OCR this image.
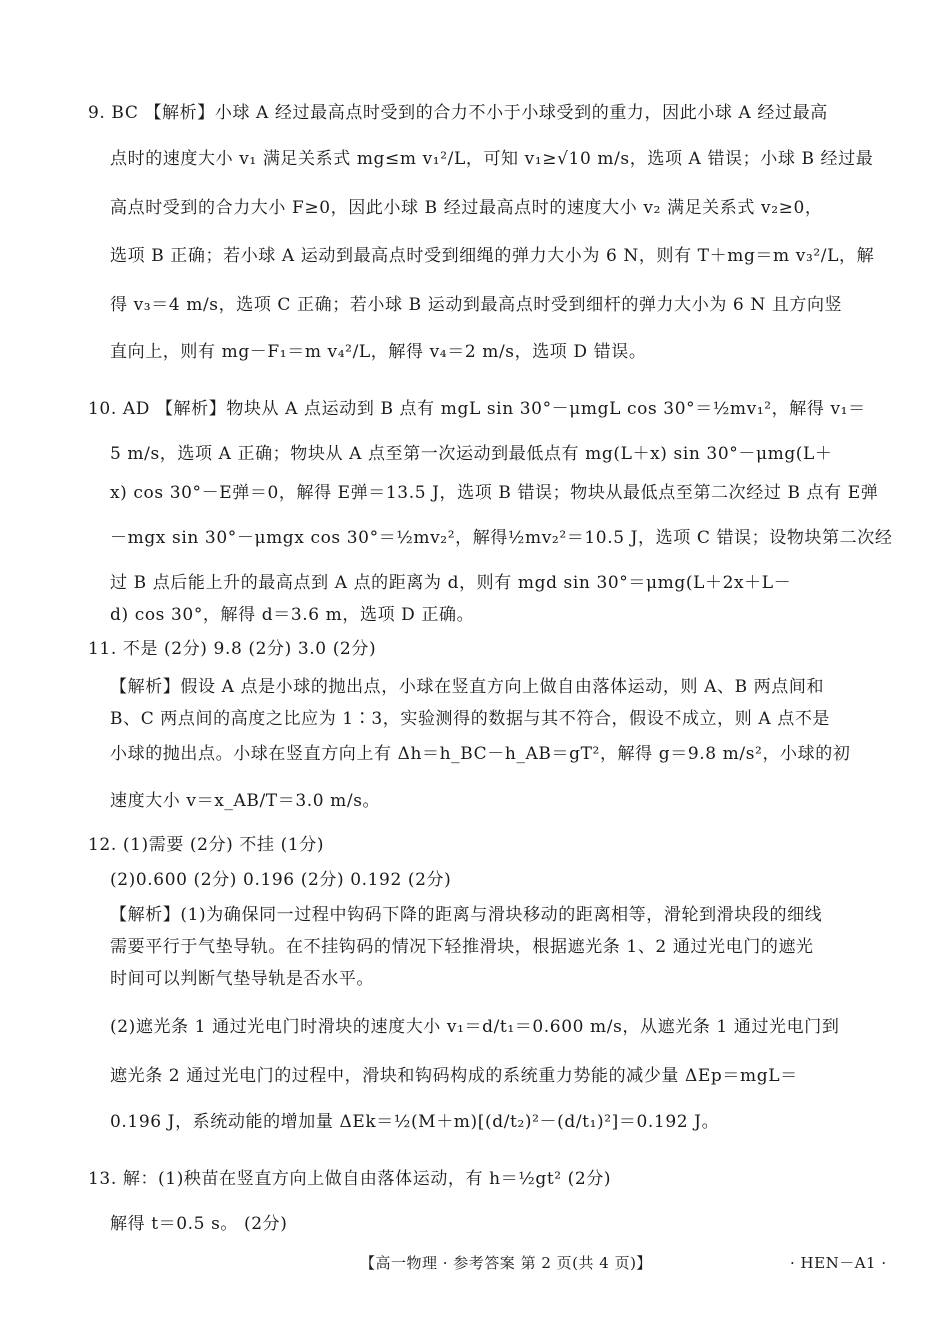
9. BC 【解析】小球 A 经过最高点时受到的合力不小于小球受到的重力，因此小球 A 经过最高
点时的速度大小 v₁ 满足关系式 mg≤m v₁²/L，可知 v₁≥√10 m/s，选项 A 错误；小球 B 经过最
高点时受到的合力大小 F≥0，因此小球 B 经过最高点时的速度大小 v₂ 满足关系式 v₂≥0，
选项 B 正确；若小球 A 运动到最高点时受到细绳的弹力大小为 6 N，则有 T＋mg＝m v₃²/L，解
得 v₃＝4 m/s，选项 C 正确；若小球 B 运动到最高点时受到细杆的弹力大小为 6 N 且方向竖
直向上，则有 mg－F₁＝m v₄²/L，解得 v₄＝2 m/s，选项 D 错误。
10. AD 【解析】物块从 A 点运动到 B 点有 mgL sin 30°－μmgL cos 30°＝½mv₁²，解得 v₁＝
5 m/s，选项 A 正确；物块从 A 点至第一次运动到最低点有 mg(L＋x) sin 30°－μmg(L＋
x) cos 30°－E弹＝0，解得 E弹＝13.5 J，选项 B 错误；物块从最低点至第二次经过 B 点有 E弹
－mgx sin 30°－μmgx cos 30°＝½mv₂²，解得½mv₂²＝10.5 J，选项 C 错误；设物块第二次经
过 B 点后能上升的最高点到 A 点的距离为 d，则有 mgd sin 30°＝μmg(L＋2x＋L－
d) cos 30°，解得 d＝3.6 m，选项 D 正确。
11. 不是 (2分) 9.8 (2分) 3.0 (2分)
【解析】假设 A 点是小球的抛出点，小球在竖直方向上做自由落体运动，则 A、B 两点间和
B、C 两点间的高度之比应为 1∶3，实验测得的数据与其不符合，假设不成立，则 A 点不是
小球的抛出点。小球在竖直方向上有 Δh＝h_BC－h_AB＝gT²，解得 g＝9.8 m/s²，小球的初
速度大小 v＝x_AB/T＝3.0 m/s。
12. (1)需要 (2分) 不挂 (1分)
(2)0.600 (2分) 0.196 (2分) 0.192 (2分)
【解析】(1)为确保同一过程中钩码下降的距离与滑块移动的距离相等，滑轮到滑块段的细线
需要平行于气垫导轨。在不挂钩码的情况下轻推滑块，根据遮光条 1、2 通过光电门的遮光
时间可以判断气垫导轨是否水平。
(2)遮光条 1 通过光电门时滑块的速度大小 v₁＝d/t₁＝0.600 m/s，从遮光条 1 通过光电门到
遮光条 2 通过光电门的过程中，滑块和钩码构成的系统重力势能的减少量 ΔEp＝mgL＝
0.196 J，系统动能的增加量 ΔEk＝½(M＋m)[(d/t₂)²－(d/t₁)²]＝0.192 J。
13. 解：(1)秧苗在竖直方向上做自由落体运动，有 h＝½gt² (2分)
解得 t＝0.5 s。 (2分)
【高一物理 · 参考答案 第 2 页(共 4 页)】	· HEN－A1 ·
